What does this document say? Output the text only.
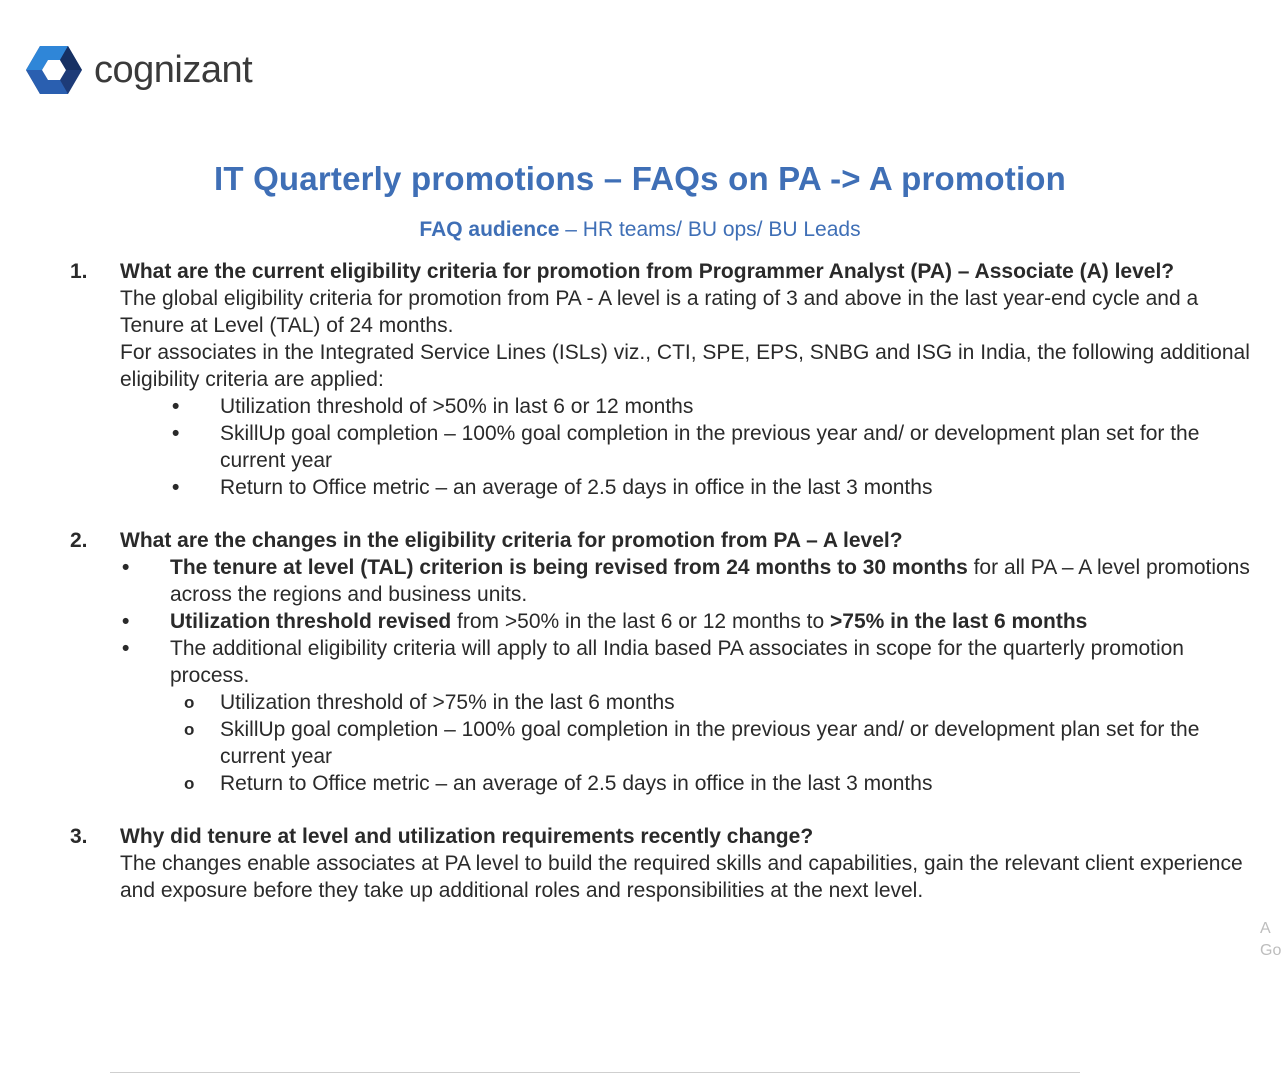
cognizant
IT Quarterly promotions – FAQs on PA -> A promotion
FAQ audience – HR teams/ BU ops/ BU Leads
1. What are the current eligibility criteria for promotion from Programmer Analyst (PA) – Associate (A) level?
The global eligibility criteria for promotion from PA - A level is a rating of 3 and above in the last year-end cycle and a Tenure at Level (TAL) of 24 months.
For associates in the Integrated Service Lines (ISLs) viz., CTI, SPE, EPS, SNBG and ISG in India, the following additional eligibility criteria are applied:
• Utilization threshold of >50% in last 6 or 12 months
• SkillUp goal completion – 100% goal completion in the previous year and/ or development plan set for the current year
• Return to Office metric – an average of 2.5 days in office in the last 3 months
2. What are the changes in the eligibility criteria for promotion from PA – A level?
• The tenure at level (TAL) criterion is being revised from 24 months to 30 months for all PA – A level promotions across the regions and business units.
• Utilization threshold revised from >50% in the last 6 or 12 months to >75% in the last 6 months
• The additional eligibility criteria will apply to all India based PA associates in scope for the quarterly promotion process.
o Utilization threshold of >75% in the last 6 months
o SkillUp goal completion – 100% goal completion in the previous year and/ or development plan set for the current year
o Return to Office metric – an average of 2.5 days in office in the last 3 months
3. Why did tenure at level and utilization requirements recently change?
The changes enable associates at PA level to build the required skills and capabilities, gain the relevant client experience and exposure before they take up additional roles and responsibilities at the next level.
A
Go
